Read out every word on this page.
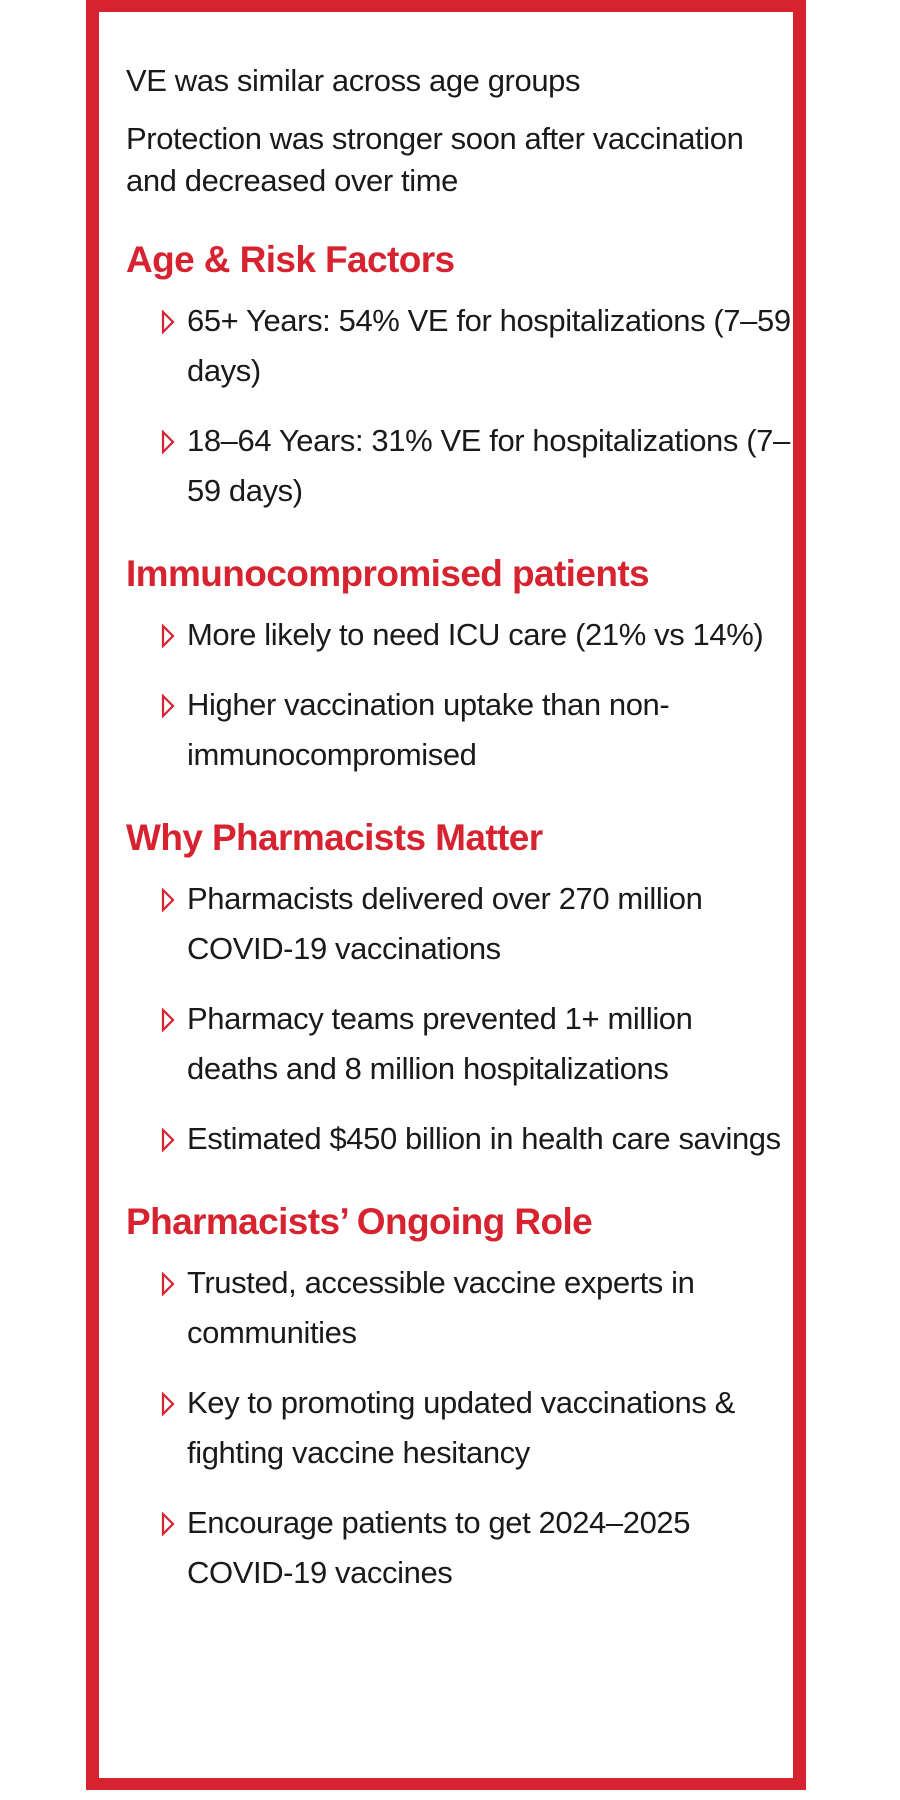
VE was similar across age groups

Protection was stronger soon after vaccination and decreased over time

Age & Risk Factors
65+ Years: 54% VE for hospitalizations (7–59 days)
18–64 Years: 31% VE for hospitalizations (7–59 days)
Immunocompromised patients
More likely to need ICU care (21% vs 14%)
Higher vaccination uptake than non-immunocompromised
Why Pharmacists Matter
Pharmacists delivered over 270 million COVID-19 vaccinations
Pharmacy teams prevented 1+ million deaths and 8 million hospitalizations
Estimated $450 billion in health care savings
Pharmacists’ Ongoing Role
Trusted, accessible vaccine experts in communities
Key to promoting updated vaccinations & fighting vaccine hesitancy
Encourage patients to get 2024–2025 COVID-19 vaccines
